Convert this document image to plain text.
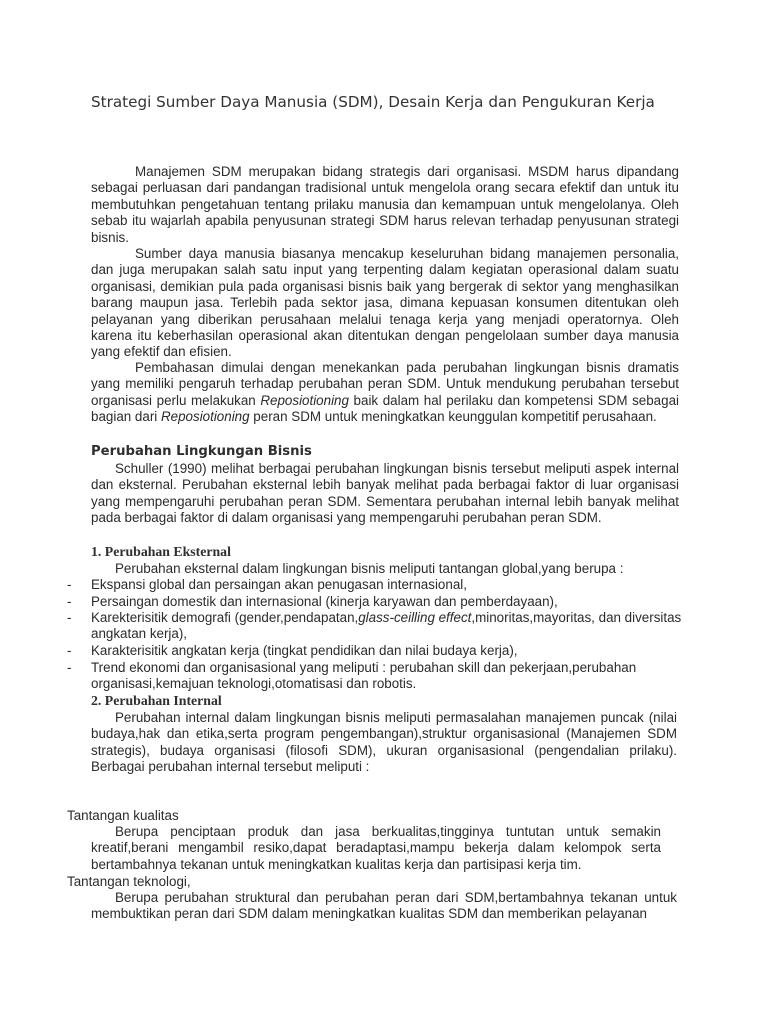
Strategi Sumber Daya Manusia (SDM), Desain Kerja dan Pengukuran Kerja

Manajemen SDM merupakan bidang strategis dari organisasi. MSDM harus dipandang sebagai perluasan dari pandangan tradisional untuk mengelola orang secara efektif dan untuk itu membutuhkan pengetahuan tentang prilaku manusia dan kemampuan untuk mengelolanya. Oleh sebab itu wajarlah apabila penyusunan strategi SDM harus relevan terhadap penyusunan strategi bisnis.

Sumber daya manusia biasanya mencakup keseluruhan bidang manajemen personalia, dan juga merupakan salah satu input yang terpenting dalam kegiatan operasional dalam suatu organisasi, demikian pula pada organisasi bisnis baik yang bergerak di sektor yang menghasilkan barang maupun jasa. Terlebih pada sektor jasa, dimana kepuasan konsumen ditentukan oleh pelayanan yang diberikan perusahaan melalui tenaga kerja yang menjadi operatornya. Oleh karena itu keberhasilan operasional akan ditentukan dengan pengelolaan sumber daya manusia yang efektif dan efisien.

Pembahasan dimulai dengan menekankan pada perubahan lingkungan bisnis dramatis yang memiliki pengaruh terhadap perubahan peran SDM. Untuk mendukung perubahan tersebut organisasi perlu melakukan Reposiotioning baik dalam hal perilaku dan kompetensi SDM sebagai bagian dari Reposiotioning peran SDM untuk meningkatkan keunggulan kompetitif perusahaan.

Perubahan Lingkungan Bisnis

Schuller (1990) melihat berbagai perubahan lingkungan bisnis tersebut meliputi aspek internal dan eksternal. Perubahan eksternal lebih banyak melihat pada berbagai faktor di luar organisasi yang mempengaruhi perubahan peran SDM. Sementara perubahan internal lebih banyak melihat pada berbagai faktor di dalam organisasi yang mempengaruhi perubahan peran SDM.

1. Perubahan Eksternal
Perubahan eksternal dalam lingkungan bisnis meliputi tantangan global,yang berupa :
- Ekspansi global dan persaingan akan penugasan internasional,
- Persaingan domestik dan internasional (kinerja karyawan dan pemberdayaan),
- Karekterisitik demografi (gender,pendapatan,glass-ceilling effect,minoritas,mayoritas, dan diversitas angkatan kerja),
- Karakterisitik angkatan kerja (tingkat pendidikan dan nilai budaya kerja),
- Trend ekonomi dan organisasional yang meliputi : perubahan skill dan pekerjaan,perubahan organisasi,kemajuan teknologi,otomatisasi dan robotis.
2. Perubahan Internal

Perubahan internal dalam lingkungan bisnis meliputi permasalahan manajemen puncak (nilai budaya,hak dan etika,serta program pengembangan),struktur organisasional (Manajemen SDM strategis), budaya organisasi (filosofi SDM), ukuran organisasional (pengendalian prilaku). Berbagai perubahan internal tersebut meliputi :

Tantangan kualitas

Berupa penciptaan produk dan jasa berkualitas,tingginya tuntutan untuk semakin kreatif,berani mengambil resiko,dapat beradaptasi,mampu bekerja dalam kelompok serta bertambahnya tekanan untuk meningkatkan kualitas kerja dan partisipasi kerja tim.

Tantangan teknologi,

Berupa perubahan struktural dan perubahan peran dari SDM,bertambahnya tekanan untuk membuktikan peran dari SDM dalam meningkatkan kualitas SDM dan memberikan pelayanan
